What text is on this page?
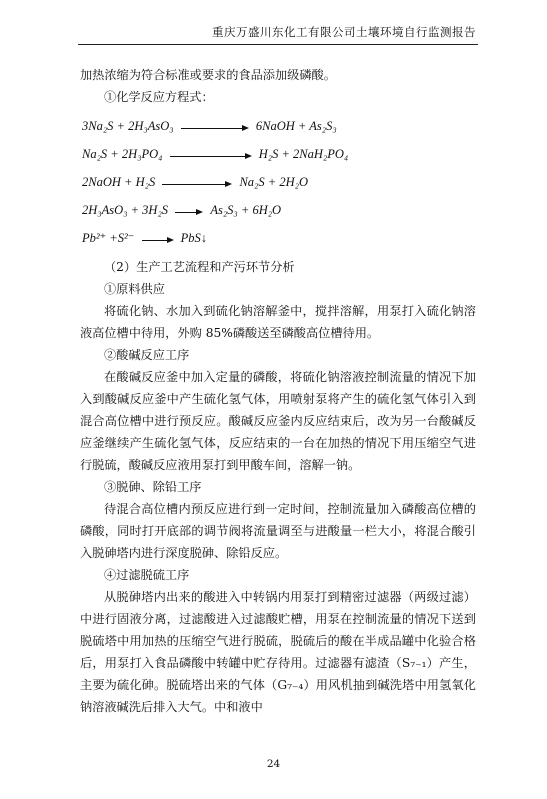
重庆万盛川东化工有限公司土壤环境自行监测报告

加热浓缩为符合标准或要求的食品添加级磷酸。

①化学反应方程式：

3Na₂S + 2H₃AsO₃	6NaOH + As₂S₃
Na₂S + 2H₃PO₄	H₂S + 2NaH₂PO₄
2NaOH + H₂S	Na₂S + 2H₂O
2H₃AsO₃ + 3H₂S	As₂S₃ + 6H₂O
Pb²⁺ +S²⁻	PbS↓

（2）生产工艺流程和产污环节分析

①原料供应

将硫化钠、水加入到硫化钠溶解釜中，搅拌溶解，用泵打入硫化钠溶液高位槽中待用，外购 85%磷酸送至磷酸高位槽待用。

②酸碱反应工序

在酸碱反应釜中加入定量的磷酸，将硫化钠溶液控制流量的情况下加入到酸碱反应釜中产生硫化氢气体，用喷射泵将产生的硫化氢气体引入到混合高位槽中进行预反应。酸碱反应釜内反应结束后，改为另一台酸碱反应釜继续产生硫化氢气体，反应结束的一台在加热的情况下用压缩空气进行脱硫，酸碱反应液用泵打到甲酸车间，溶解一钠。

③脱砷、除铅工序

待混合高位槽内预反应进行到一定时间，控制流量加入磷酸高位槽的磷酸，同时打开底部的调节阀将流量调至与进酸量一栏大小，将混合酸引入脱砷塔内进行深度脱砷、除铅反应。

④过滤脱硫工序

从脱砷塔内出来的酸进入中转锅内用泵打到精密过滤器（两级过滤）中进行固液分离，过滤酸进入过滤酸贮槽，用泵在控制流量的情况下送到脱硫塔中用加热的压缩空气进行脱硫，脱硫后的酸在半成品罐中化验合格后，用泵打入食品磷酸中转罐中贮存待用。过滤器有滤渣（S₇₋₁）产生，主要为硫化砷。脱硫塔出来的气体（G₇₋₄）用风机抽到碱洗塔中用氢氧化钠溶液碱洗后排入大气。中和液中

24
